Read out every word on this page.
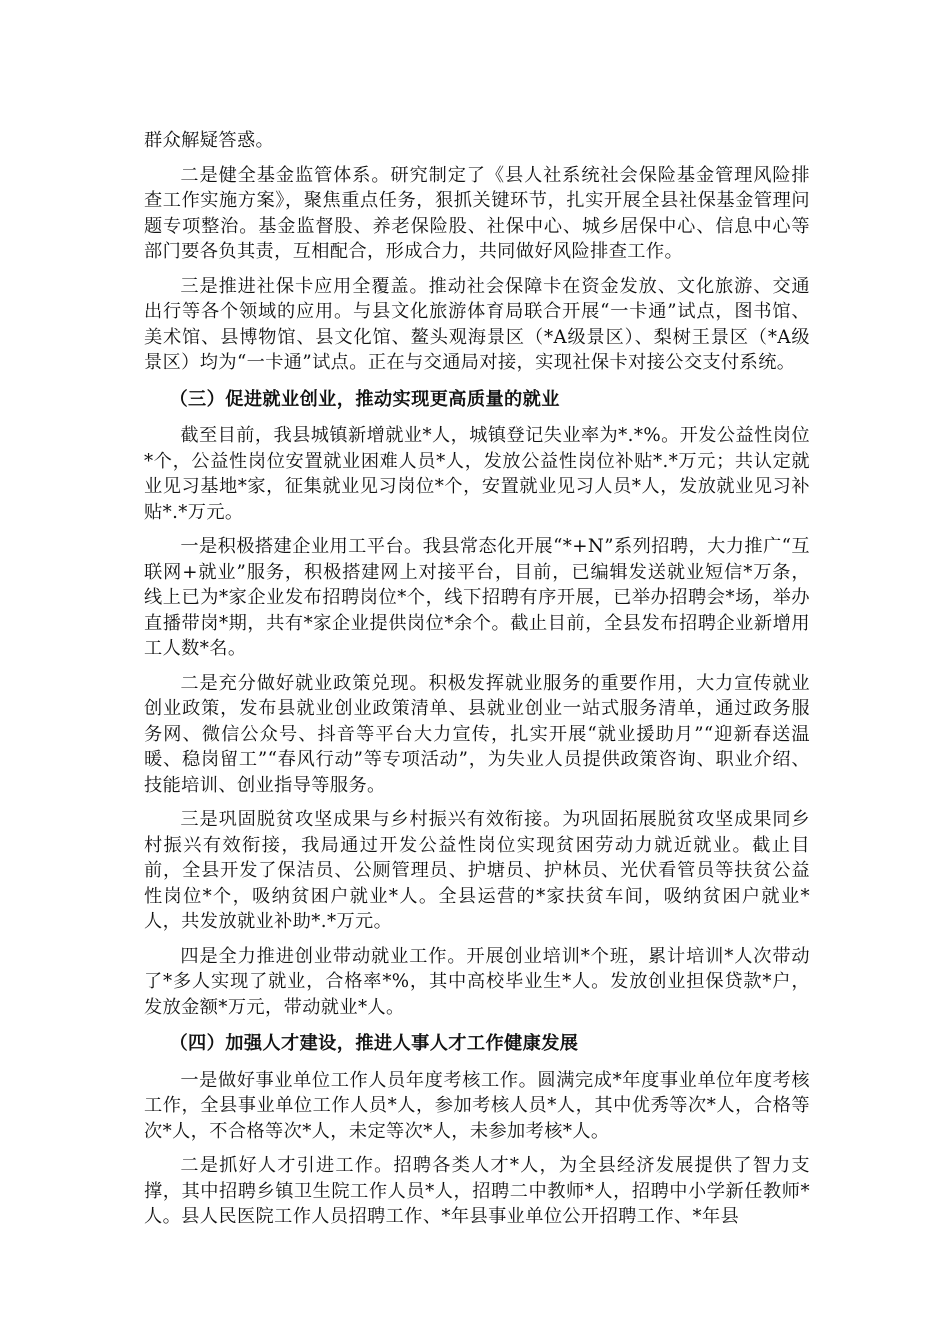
群众解疑答惑。

二是健全基金监管体系。研究制定了《县人社系统社会保险基金管理风险排查工作实施方案》，聚焦重点任务，狠抓关键环节，扎实开展全县社保基金管理问题专项整治。基金监督股、养老保险股、社保中心、城乡居保中心、信息中心等部门要各负其责，互相配合，形成合力，共同做好风险排查工作。

三是推进社保卡应用全覆盖。推动社会保障卡在资金发放、文化旅游、交通出行等各个领域的应用。与县文化旅游体育局联合开展“一卡通”试点，图书馆、美术馆、县博物馆、县文化馆、鳌头观海景区（*A级景区）、梨树王景区（*A级景区）均为“一卡通”试点。正在与交通局对接，实现社保卡对接公交支付系统。

（三）促进就业创业，推动实现更高质量的就业

截至目前，我县城镇新增就业*人，城镇登记失业率为*.*%。开发公益性岗位*个，公益性岗位安置就业困难人员*人，发放公益性岗位补贴*.*万元；共认定就业见习基地*家，征集就业见习岗位*个，安置就业见习人员*人，发放就业见习补贴*.*万元。

一是积极搭建企业用工平台。我县常态化开展“*+N”系列招聘，大力推广“互联网+就业”服务，积极搭建网上对接平台，目前，已编辑发送就业短信*万条，线上已为*家企业发布招聘岗位*个，线下招聘有序开展，已举办招聘会*场，举办直播带岗*期，共有*家企业提供岗位*余个。截止目前，全县发布招聘企业新增用工人数*名。

二是充分做好就业政策兑现。积极发挥就业服务的重要作用，大力宣传就业创业政策，发布县就业创业政策清单、县就业创业一站式服务清单，通过政务服务网、微信公众号、抖音等平台大力宣传，扎实开展“就业援助月”“迎新春送温暖、稳岗留工”“春风行动”等专项活动”，为失业人员提供政策咨询、职业介绍、技能培训、创业指导等服务。

三是巩固脱贫攻坚成果与乡村振兴有效衔接。为巩固拓展脱贫攻坚成果同乡村振兴有效衔接，我局通过开发公益性岗位实现贫困劳动力就近就业。截止目前，全县开发了保洁员、公厕管理员、护塘员、护林员、光伏看管员等扶贫公益性岗位*个，吸纳贫困户就业*人。全县运营的*家扶贫车间，吸纳贫困户就业*人，共发放就业补助*.*万元。

四是全力推进创业带动就业工作。开展创业培训*个班，累计培训*人次带动了*多人实现了就业，合格率*%，其中高校毕业生*人。发放创业担保贷款*户，发放金额*万元，带动就业*人。

（四）加强人才建设，推进人事人才工作健康发展

一是做好事业单位工作人员年度考核工作。圆满完成*年度事业单位年度考核工作，全县事业单位工作人员*人，参加考核人员*人，其中优秀等次*人，合格等次*人，不合格等次*人，未定等次*人，未参加考核*人。

二是抓好人才引进工作。招聘各类人才*人，为全县经济发展提供了智力支撑，其中招聘乡镇卫生院工作人员*人，招聘二中教师*人，招聘中小学新任教师*人。县人民医院工作人员招聘工作、*年县事业单位公开招聘工作、*年县
